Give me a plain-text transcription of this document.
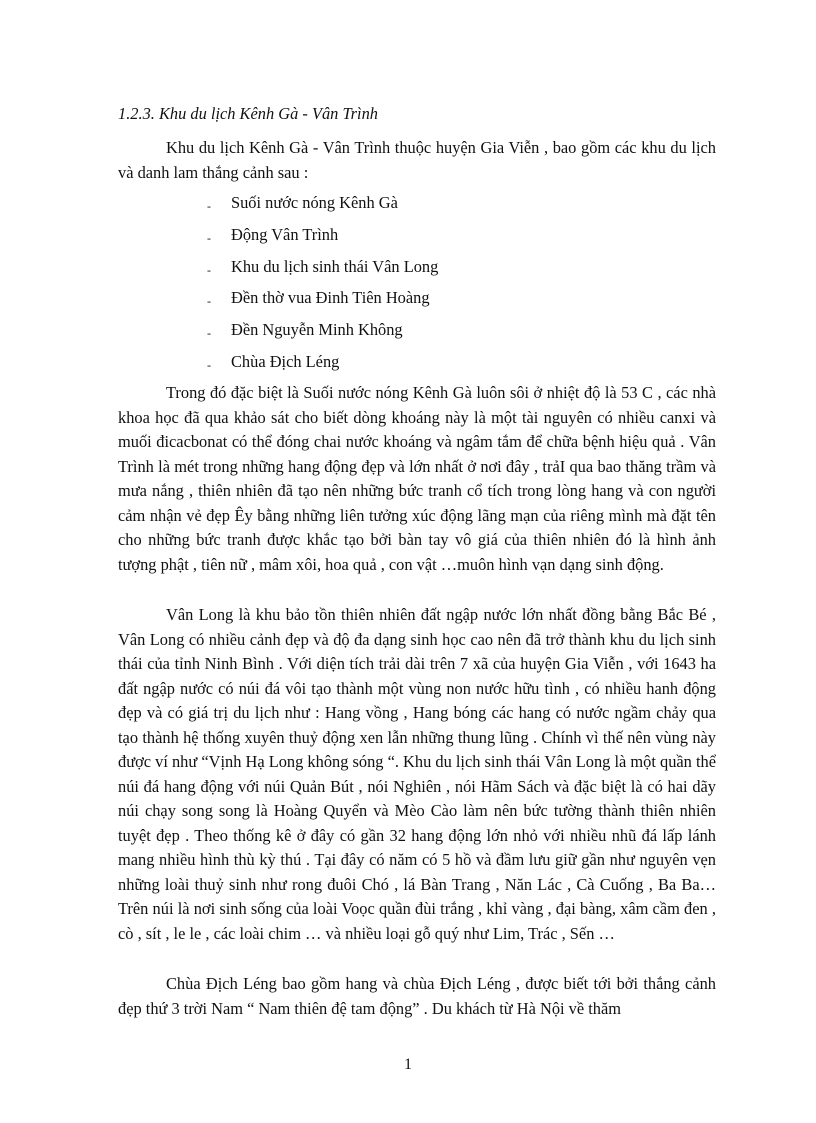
1.2.3. Khu du lịch Kênh Gà - Vân Trình

Khu du lịch Kênh Gà - Vân Trình thuộc huyện Gia Viễn , bao gồm các khu du lịch và danh lam thắng cảnh sau :

- Suối nước nóng Kênh Gà
- Động Vân Trình
- Khu du lịch sinh thái Vân Long
- Đền thờ vua Đinh Tiên Hoàng
- Đền Nguyễn Minh Không
- Chùa Địch Léng

Trong đó đặc biệt là Suối nước nóng Kênh Gà luôn sôi ở nhiệt độ là 53 C , các nhà khoa học đã qua khảo sát cho biết dòng khoáng này là một tài nguyên có nhiều canxi và muối đicacbonat có thể đóng chai nước khoáng và ngâm tắm để chữa bệnh hiệu quả . Vân Trình là mét trong những hang động đẹp và lớn nhất ở nơi đây , trảI qua bao thăng trầm và mưa nắng , thiên nhiên đã tạo nên những bức tranh cổ tích trong lòng hang và con người cảm nhận vẻ đẹp Êy bằng những liên tưởng xúc động lãng mạn của riêng mình mà đặt tên cho những bức tranh được khắc tạo bởi bàn tay vô giá của thiên nhiên đó là hình ảnh tượng phật , tiên nữ , mâm xôi, hoa quả , con vật …muôn hình vạn dạng sinh động.

Vân Long là khu bảo tồn thiên nhiên đất ngập nước lớn nhất đồng bằng Bắc Bé , Vân Long có nhiều cảnh đẹp và độ đa dạng sinh học cao nên đã trở thành khu du lịch sinh thái của tỉnh Ninh Bình . Với diện tích trải dài trên 7 xã của huyện Gia Viễn , với 1643 ha đất ngập nước có núi đá vôi tạo thành một vùng non nước hữu tình , có nhiều hanh động đẹp và có giá trị du lịch như : Hang vồng , Hang bóng các hang có nước ngầm chảy qua tạo thành hệ thống xuyên thuỷ động xen lẫn những thung lũng . Chính vì thế nên vùng này được ví như “Vịnh Hạ Long không sóng “. Khu du lịch sinh thái Vân Long là một quần thể núi đá hang động với núi Quản Bút , nói Nghiên , nói Hãm Sách và đặc biệt là có hai dãy núi chạy song song là Hoàng Quyển và Mèo Cào làm nên bức tường thành thiên nhiên tuyệt đẹp . Theo thống kê ở đây có gần 32 hang động lớn nhỏ với nhiều nhũ đá lấp lánh mang nhiều hình thù kỳ thú . Tại đây có năm có 5 hồ và đầm lưu giữ gần như nguyên vẹn những loài thuỷ sinh như rong đuôi Chó , lá Bàn Trang , Năn Lác , Cà Cuống , Ba Ba…Trên núi là nơi sinh sống của loài Voọc quần đùi trắng , khỉ vàng , đại bàng, xâm cầm đen , cò , sít , le le , các loài chim … và nhiều loại gỗ quý như Lim, Trác , Sến …

Chùa Địch Léng bao gồm hang và chùa Địch Léng , được biết tới bởi thắng cảnh đẹp thứ 3 trời Nam “ Nam thiên đệ tam động” . Du khách từ Hà Nội về thăm

1
